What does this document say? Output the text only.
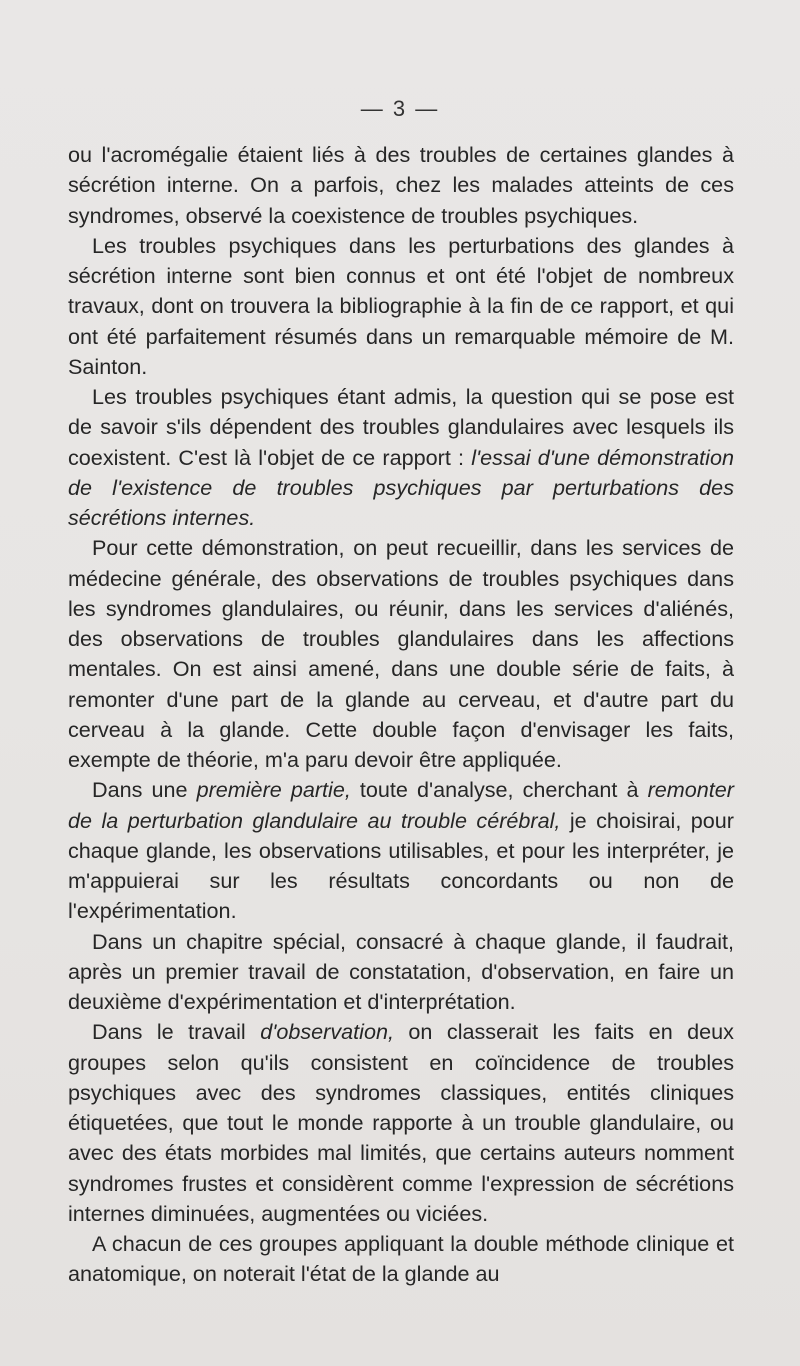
— 3 —

ou l'acromégalie étaient liés à des troubles de certaines glandes à sécrétion interne. On a parfois, chez les malades atteints de ces syndromes, observé la coexistence de troubles psychiques.

Les troubles psychiques dans les perturbations des glandes à sécrétion interne sont bien connus et ont été l'objet de nombreux travaux, dont on trouvera la bibliographie à la fin de ce rapport, et qui ont été parfaitement résumés dans un remarquable mémoire de M. Sainton.

Les troubles psychiques étant admis, la question qui se pose est de savoir s'ils dépendent des troubles glandulaires avec lesquels ils coexistent. C'est là l'objet de ce rapport : l'essai d'une démonstration de l'existence de troubles psychiques par perturbations des sécrétions internes.

Pour cette démonstration, on peut recueillir, dans les services de médecine générale, des observations de troubles psychiques dans les syndromes glandulaires, ou réunir, dans les services d'aliénés, des observations de troubles glandulaires dans les affections mentales. On est ainsi amené, dans une double série de faits, à remonter d'une part de la glande au cerveau, et d'autre part du cerveau à la glande. Cette double façon d'envisager les faits, exempte de théorie, m'a paru devoir être appliquée.

Dans une première partie, toute d'analyse, cherchant à remonter de la perturbation glandulaire au trouble cérébral, je choisirai, pour chaque glande, les observations utilisables, et pour les interpréter, je m'appuierai sur les résultats concordants ou non de l'expérimentation.

Dans un chapitre spécial, consacré à chaque glande, il faudrait, après un premier travail de constatation, d'observation, en faire un deuxième d'expérimentation et d'interprétation.

Dans le travail d'observation, on classerait les faits en deux groupes selon qu'ils consistent en coïncidence de troubles psychiques avec des syndromes classiques, entités cliniques étiquetées, que tout le monde rapporte à un trouble glandulaire, ou avec des états morbides mal limités, que certains auteurs nomment syndromes frustes et considèrent comme l'expression de sécrétions internes diminuées, augmentées ou viciées.

A chacun de ces groupes appliquant la double méthode clinique et anatomique, on noterait l'état de la glande au
